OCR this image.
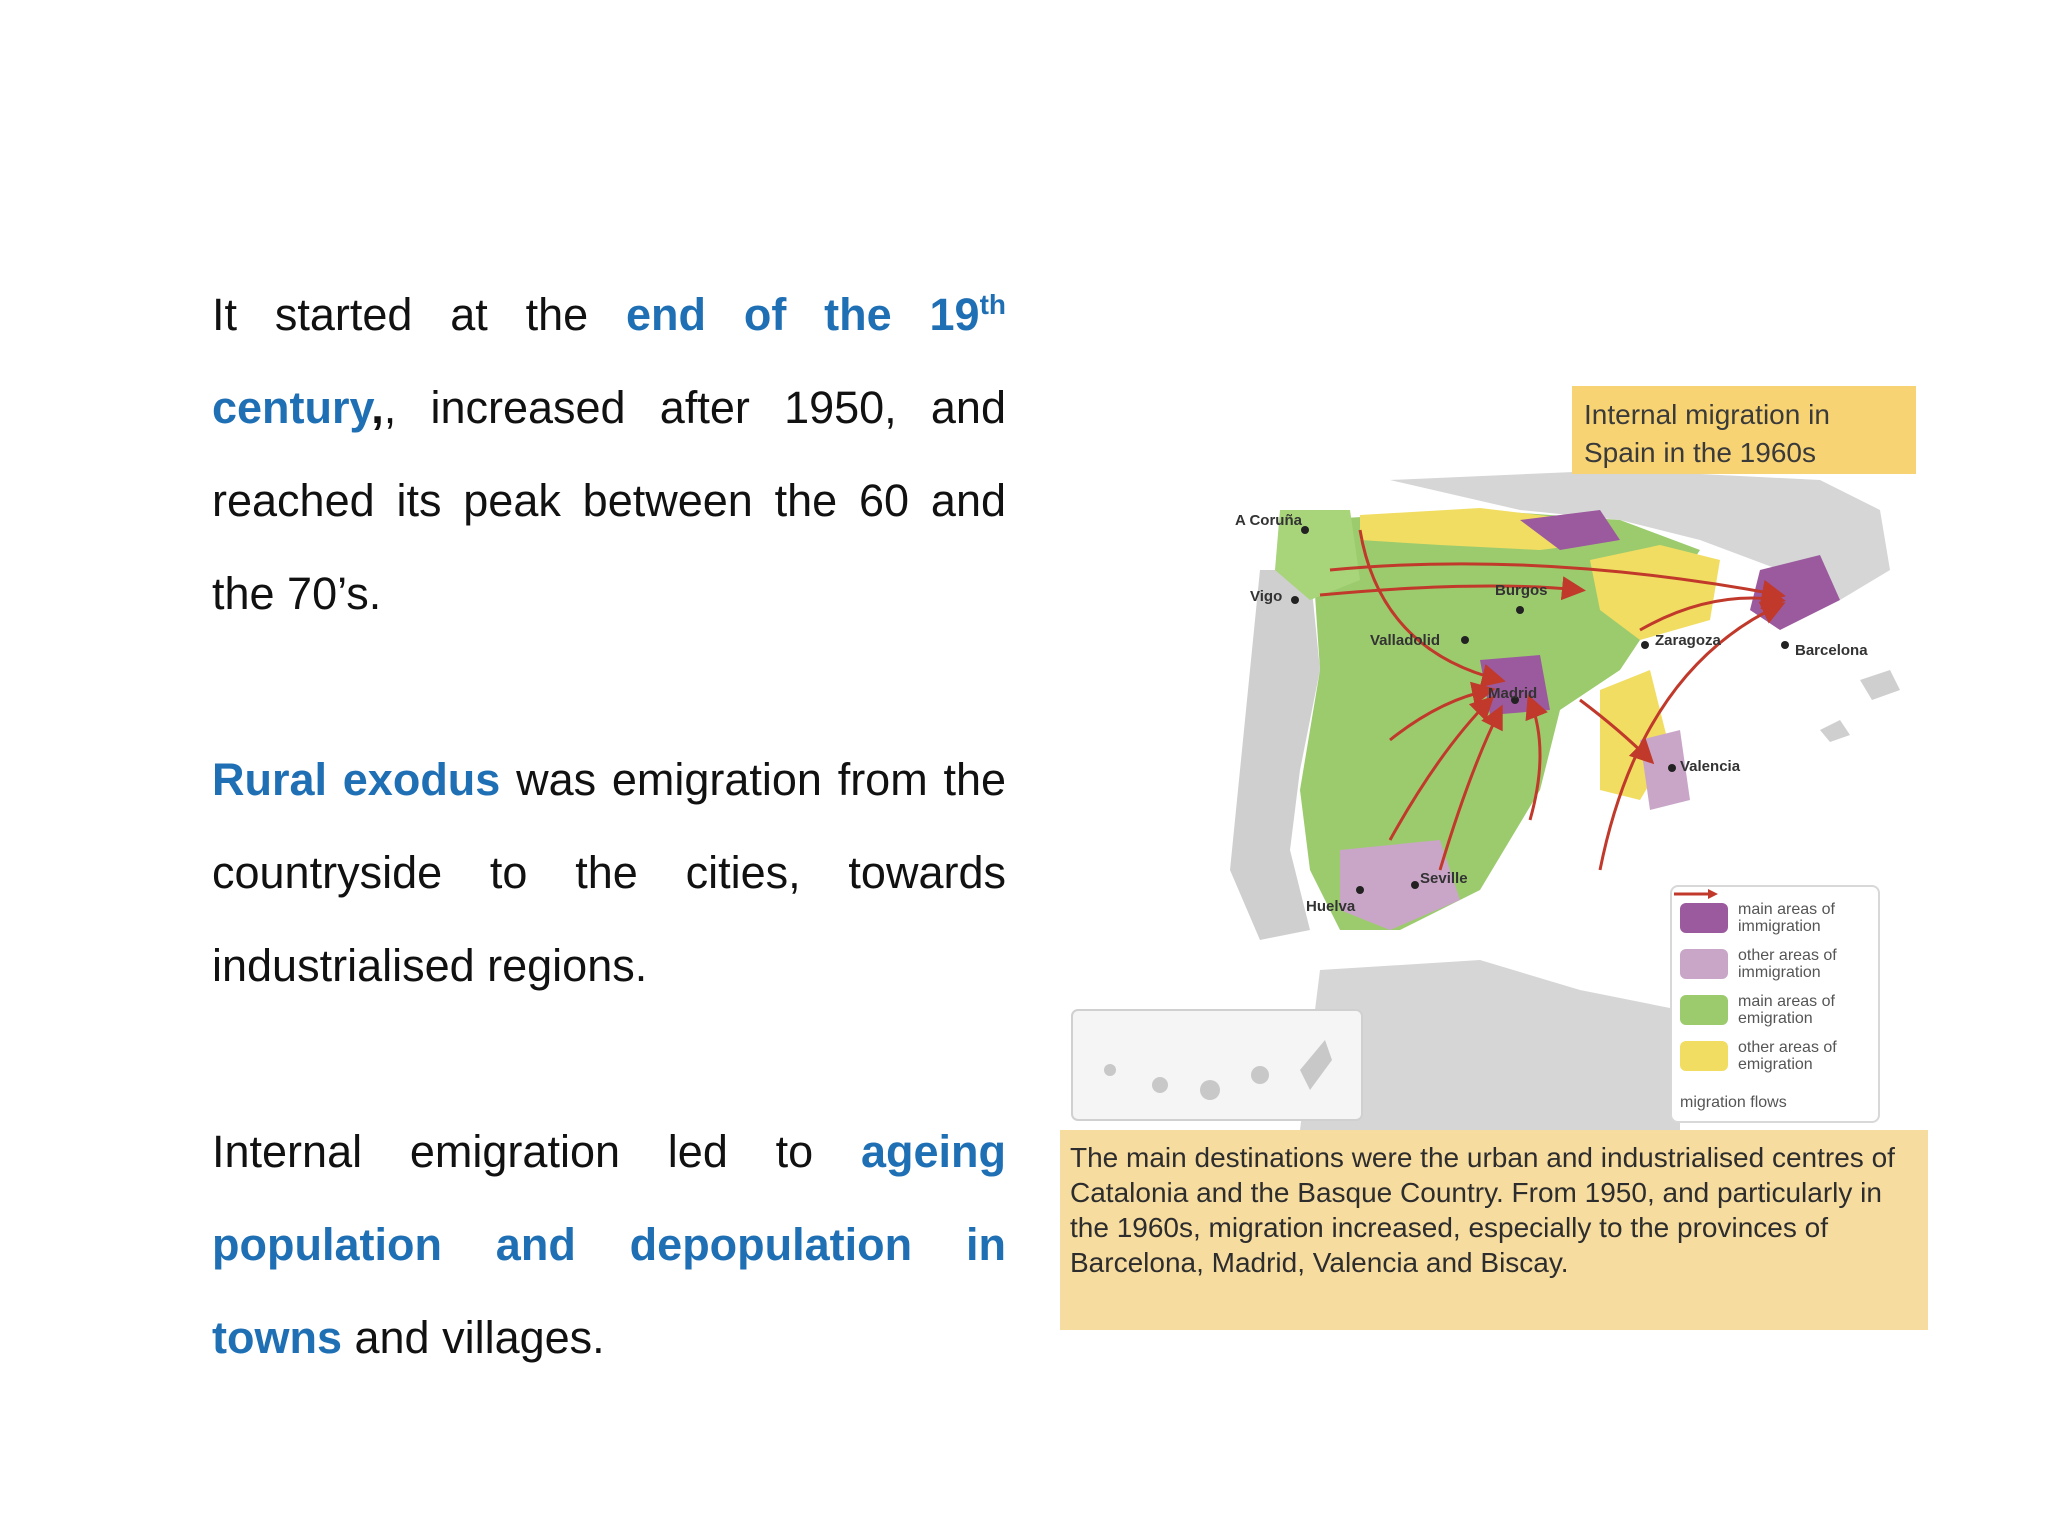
It started at the end of the 19th century,, increased after 1950, and reached its peak between the 60 and the 70’s.

Rural exodus was emigration from the countryside to the cities, towards industrialised regions.

Internal emigration led to ageing population and depopulation in towns and villages.

A Coruña
Vigo	Burgos
Valladolid	Zaragoza
Barcelona
Madrid
Valencia
Seville
Huelva
Internal migration in Spain in the 1960s
main areas of immigration
other areas of immigration
main areas of emigration
other areas of emigration
migration flows
The main destinations were the urban and industrialised centres of Catalonia and the Basque Country. From 1950, and particularly in the 1960s, migration increased, especially to the provinces of Barcelona, Madrid, Valencia and Biscay.
